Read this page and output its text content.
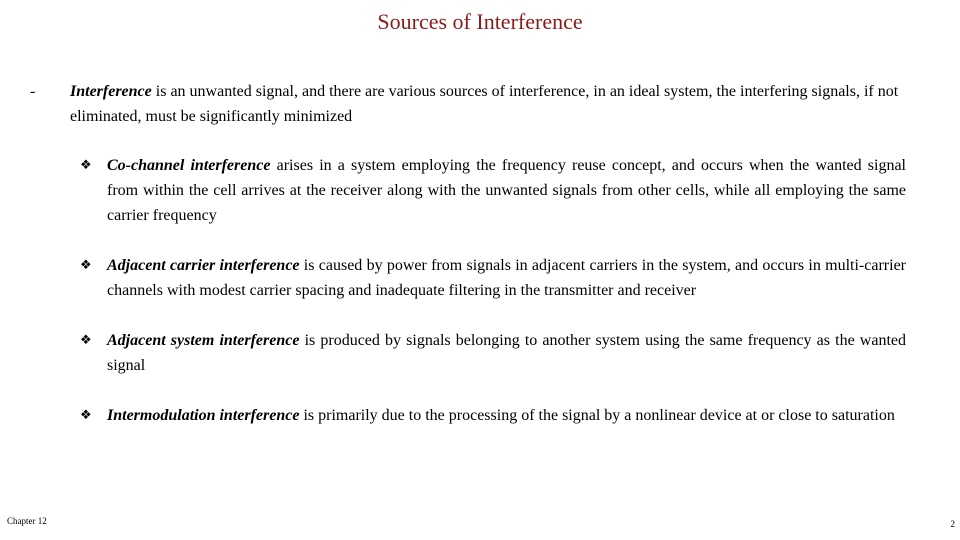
Sources of Interference
- Interference is an unwanted signal, and there are various sources of interference, in an ideal system, the interfering signals, if not eliminated, must be significantly minimized
❖ Co-channel interference arises in a system employing the frequency reuse concept, and occurs when the wanted signal from within the cell arrives at the receiver along with the unwanted signals from other cells, while all employing the same carrier frequency
❖ Adjacent carrier interference is caused by power from signals in adjacent carriers in the system, and occurs in multi-carrier channels with modest carrier spacing and inadequate filtering in the transmitter and receiver
❖ Adjacent system interference is produced by signals belonging to another system using the same frequency as the wanted signal
❖ Intermodulation interference is primarily due to the processing of the signal by a nonlinear device at or close to saturation
Chapter 12	2
